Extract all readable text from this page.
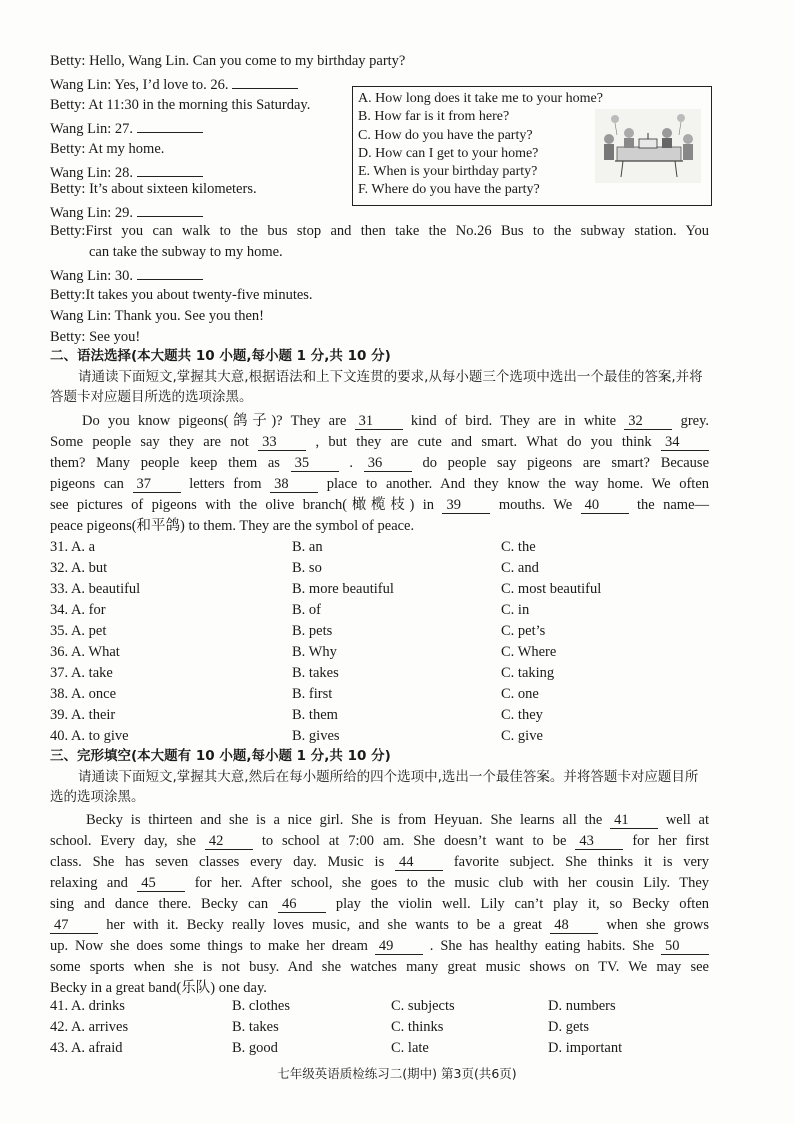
Betty: Hello, Wang Lin. Can you come to my birthday party?
Wang Lin: Yes, I’d love to. 26.
Betty: At 11:30 in the morning this Saturday.
Wang Lin: 27.
Betty: At my home.
Wang Lin: 28.
Betty: It’s about sixteen kilometers.
Wang Lin: 29.
Betty:First you can walk to the bus stop and then take the No.26 Bus to the subway station. You
can take the subway to my home.
Wang Lin: 30.
Betty:It takes you about twenty-five minutes.
Wang Lin: Thank you. See you then!
Betty: See you!
A. How long does it take me to your home?
B. How far is it from here?
C. How do you have the party?
D. How can I get to your home?
E. When is your birthday party?
F. Where do you have the party?
二、语法选择(本大题共 10 小题,每小题 1 分,共 10 分)
请通读下面短文,掌握其大意,根据语法和上下文连贯的要求,从每小题三个选项中选出一个最佳的答案,并将答题卡对应题目所选的选项涂黑。
Do you know pigeons(鸽子)? They are 31	kind of bird. They are in white 32	grey.
Some people say they are not 33	, but they are cute and smart. What do you think 34
them? Many people keep them as 35	. 36	do people say pigeons are smart? Because
pigeons can 37	letters from 38	place to another. And they know the way home. We often
see pictures of pigeons with the olive branch(橄榄枝) in 39	mouths. We 40	the name—
peace pigeons(和平鸽) to them. They are the symbol of peace.
31. A. a	B. an	C. the
32. A. but	B. so	C. and
33. A. beautiful	B. more beautiful	C. most beautiful
34. A. for	B. of	C. in
35. A. pet	B. pets	C. pet’s
36. A. What	B. Why	C. Where
37. A. take	B. takes	C. taking
38. A. once	B. first	C. one
39. A. their	B. them	C. they
40. A. to give	B. gives	C. give
三、完形填空(本大题有 10 小题,每小题 1 分,共 10 分)
请通读下面短文,掌握其大意,然后在每小题所给的四个选项中,选出一个最佳答案。并将答题卡对应题目所选的选项涂黑。
Becky is thirteen and she is a nice girl. She is from Heyuan. She learns all the 41	well at
school. Every day, she 42	to school at 7:00 am. She doesn’t want to be 43	for her first
class. She has seven classes every day. Music is 44	favorite subject. She thinks it is very
relaxing and 45	for her. After school, she goes to the music club with her cousin Lily. They
sing and dance there. Becky can 46	play the violin well. Lily can’t play it, so Becky often
47	her with it. Becky really loves music, and she wants to be a great 48	when she grows
up. Now she does some things to make her dream 49	. She has healthy eating habits. She 50
some sports when she is not busy. And she watches many great music shows on TV. We may see
Becky in a great band(乐队) one day.
41. A. drinks	B. clothes	C. subjects	D. numbers
42. A. arrives	B. takes	C. thinks	D. gets
43. A. afraid	B. good	C. late	D. important
七年级英语质检练习二(期中) 第3页(共6页)
